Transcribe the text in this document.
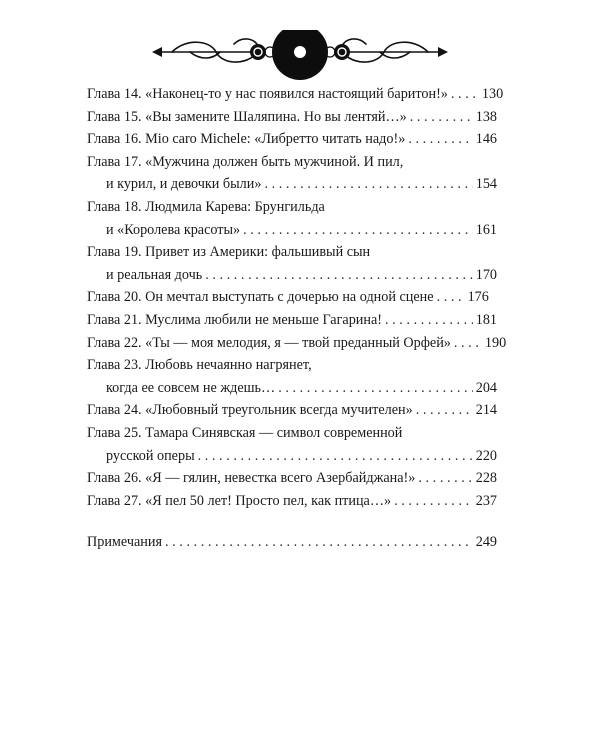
Глава 14. «Наконец-то у нас появился настоящий баритон!» ..... 130
Глава 15. «Вы замените Шаляпина. Но вы лентяй…» .....	138
Глава 16. Mio caro Michele: «Либретто читать надо!» .....	146
Глава 17. «Мужчина должен быть мужчиной. И пил,
и курил, и девочки были» .....	154
Глава 18. Людмила Карева: Брунгильда
и «Королева красоты» .....	161
Глава 19. Привет из Америки: фальшивый сын
и реальная дочь .....	170
Глава 20. Он мечтал выступать с дочерью на одной сцене ..... 176
Глава 21. Муслима любили не меньше Гагарина! .....	181
Глава 22. «Ты — моя мелодия, я — твой преданный Орфей» ..... 190
Глава 23. Любовь нечаянно нагрянет,
когда ее совсем не ждешь… .....	204
Глава 24. «Любовный треугольник всегда мучителен» .....	214
Глава 25. Тамара Синявская — символ современной
русской оперы .....	220
Глава 26. «Я — гялин, невестка всего Азербайджана!» .....	228
Глава 27. «Я пел 50 лет! Просто пел, как птица…» .....	237
Примечания .....	249
